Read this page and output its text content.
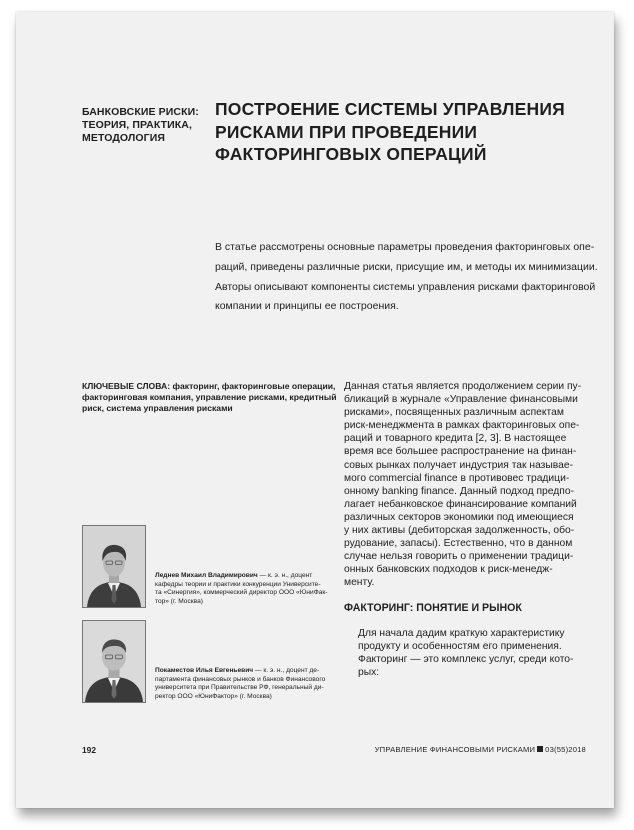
БАНКОВСКИЕ РИСКИ:
ТЕОРИЯ, ПРАКТИКА,
МЕТОДОЛОГИЯ
ПОСТРОЕНИЕ СИСТЕМЫ УПРАВЛЕНИЯ
РИСКАМИ ПРИ ПРОВЕДЕНИИ
ФАКТОРИНГОВЫХ ОПЕРАЦИЙ
В статье рассмотрены основные параметры проведения факторинговых опе-
раций, приведены различные риски, присущие им, и методы их минимизации.
Авторы описывают компоненты системы управления рисками факторинговой
компании и принципы ее построения.
КЛЮЧЕВЫЕ СЛОВА: факторинг, факторинговые операции,
факторинговая компания, управление рисками, кредитный
риск, система управления рисками
Леднев Михаил Владимирович — к. э. н., доцент
кафедры теории и практики конкуренции Университе-
та «Синергия», коммерческий директор ООО «ЮниФак-
тор» (г. Москва)
Покаместов Илья Евгеньевич — к. э. н., доцент де-
партамента финансовых рынков и банков Финансового
университета при Правительстве РФ, генеральный ди-
ректор ООО «ЮниФактор» (г. Москва)
Данная статья является продолжением серии пу-
бликаций в журнале «Управление финансовыми
рисками», посвященных различным аспектам
риск-менеджмента в рамках факторинговых опе-
раций и товарного кредита [2, 3]. В настоящее
время все большее распространение на финан-
совых рынках получает индустрия так называе-
мого commercial finance в противовес традици-
онному banking finance. Данный подход предпо-
лагает небанковское финансирование компаний
различных секторов экономики под имеющиеся
у них активы (дебиторская задолженность, обо-
рудование, запасы). Естественно, что в данном
случае нельзя говорить о применении традици-
онных банковских подходов к риск-менедж-
менту.
ФАКТОРИНГ: ПОНЯТИЕ И РЫНОК
Для начала дадим краткую характеристику
продукту и особенностям его применения.
Факторинг — это комплекс услуг, среди кото-
рых:
192	УПРАВЛЕНИЕ ФИНАНСОВЫМИ РИСКАМИ 03(55)2018
